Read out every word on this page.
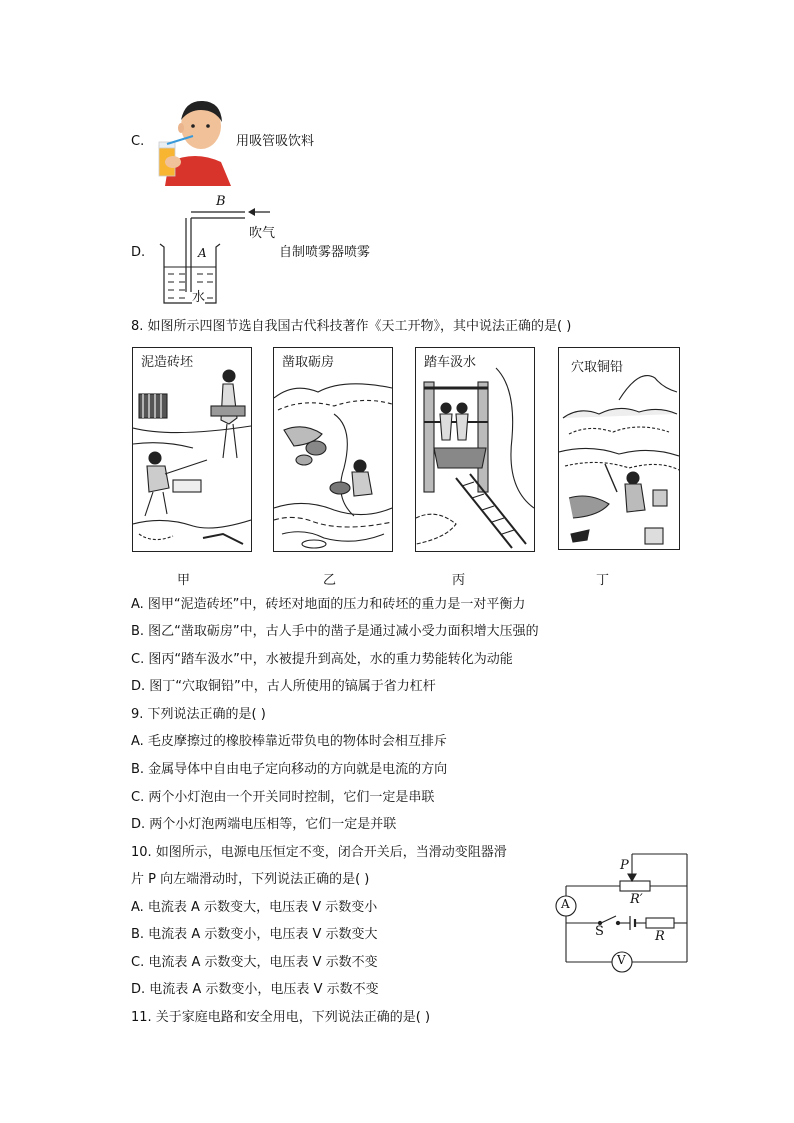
C.	用吸管吸饮料
D.
B
A
水
吹气
自制喷雾器喷雾
8. 如图所示四图节选自我国古代科技著作《天工开物》，其中说法正确的是( )
泥造砖坯
甲
凿取砺房
乙
踏车汲水
丙
穴取铜铅
丁
A. 图甲“泥造砖坯”中，砖坯对地面的压力和砖坯的重力是一对平衡力
B. 图乙“凿取砺房”中，古人手中的凿子是通过减小受力面积增大压强的
C. 图丙“踏车汲水”中，水被提升到高处，水的重力势能转化为动能
D. 图丁“穴取铜铅”中，古人所使用的镐属于省力杠杆
9. 下列说法正确的是( )
A. 毛皮摩擦过的橡胶棒靠近带负电的物体时会相互排斥
B. 金属导体中自由电子定向移动的方向就是电流的方向
C. 两个小灯泡由一个开关同时控制，它们一定是串联
D. 两个小灯泡两端电压相等，它们一定是并联
10. 如图所示，电源电压恒定不变，闭合开关后，当滑动变阻器滑
片 P 向左端滑动时，下列说法正确的是( )
A. 电流表 A 示数变大，电压表 V 示数变小
B. 电流表 A 示数变小，电压表 V 示数变大
C. 电流表 A 示数变大，电压表 V 示数不变
D. 电流表 A 示数变小，电压表 V 示数不变
P
R′
S	R
A
V
11. 关于家庭电路和安全用电，下列说法正确的是( )
